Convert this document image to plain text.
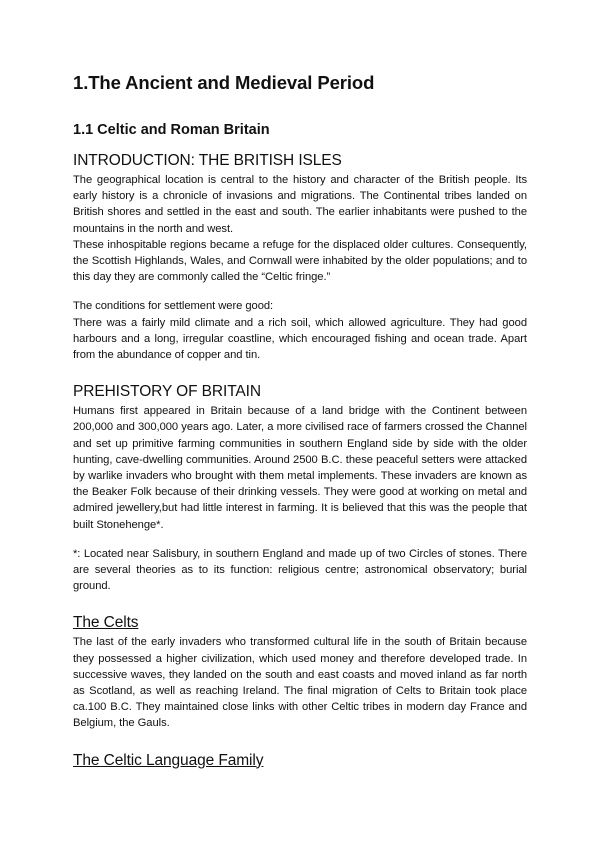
1.The Ancient and Medieval Period
1.1 Celtic and Roman Britain
INTRODUCTION: THE BRITISH ISLES

The geographical location is central to the history and character of the British people. Its early history is a chronicle of invasions and migrations. The Continental tribes landed on British shores and settled in the east and south. The earlier inhabitants were pushed to the mountains in the north and west.

These inhospitable regions became a refuge for the displaced older cultures. Consequently, the Scottish Highlands, Wales, and Cornwall were inhabited by the older populations; and to this day they are commonly called the “Celtic fringe.”

The conditions for settlement were good:

There was a fairly mild climate and a rich soil, which allowed agriculture. They had good harbours and a long, irregular coastline, which encouraged fishing and ocean trade. Apart from the abundance of copper and tin.

PREHISTORY OF BRITAIN

Humans first appeared in Britain because of a land bridge with the Continent between 200,000 and 300,000 years ago. Later, a more civilised race of farmers crossed the Channel and set up primitive farming communities in southern England side by side with the older hunting, cave-dwelling communities. Around 2500 B.C. these peaceful setters were attacked by warlike invaders who brought with them metal implements. These invaders are known as the Beaker Folk because of their drinking vessels. They were good at working on metal and admired jewellery,but had little interest in farming. It is believed that this was the people that built Stonehenge*.

*: Located near Salisbury, in southern England and made up of two Circles of stones. There are several theories as to its function: religious centre; astronomical observatory; burial ground.

The Celts

The last of the early invaders who transformed cultural life in the south of Britain because they possessed a higher civilization, which used money and therefore developed trade. In successive waves, they landed on the south and east coasts and moved inland as far north as Scotland, as well as reaching Ireland. The final migration of Celts to Britain took place ca.100 B.C. They maintained close links with other Celtic tribes in modern day France and Belgium, the Gauls.

The Celtic Language Family
